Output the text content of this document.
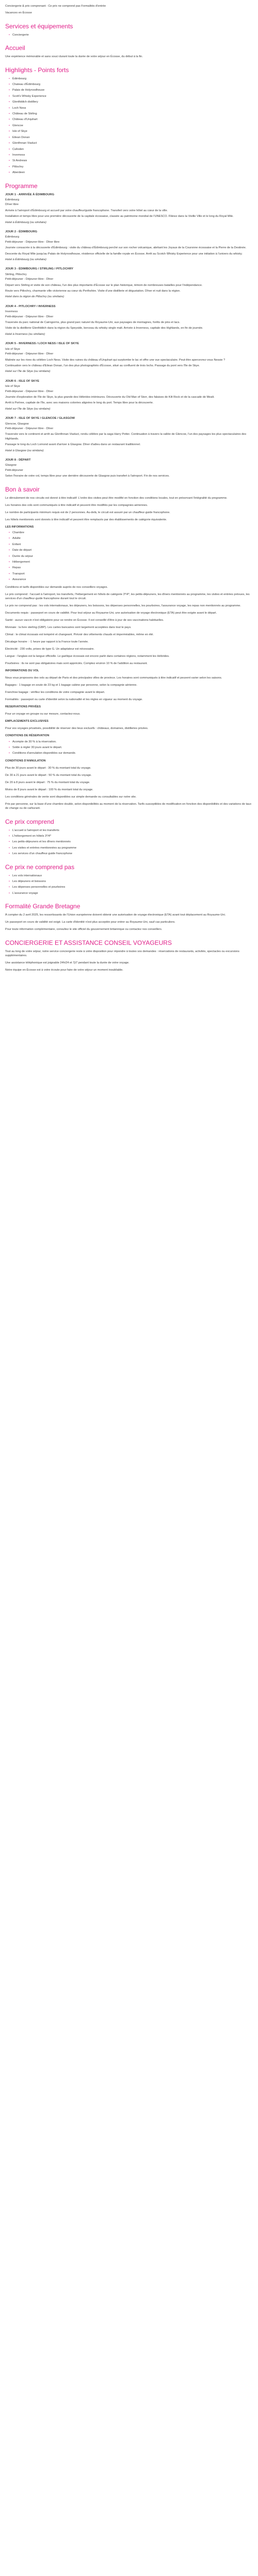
Conciergerie & prix comprenant : Ce prix ne comprend pas Formalités d'entrée

Vacances en Écosse

Services et équipements
• Conciergerie
Accueil

Une expérience mémorable et sans souci durant toute la durée de votre séjour en Écosse, du début à la fin.

Highlights - Points forts
• Édimbourg
• Chateau d'Édimbourg
• Palais de Holyroodhouse
• Scott's Whisky Experience
• Glenfiddich distillery
• Loch Ness
• Château de Stirling
• Château d'Urquhart
• Glencoe
• Isle of Skye
• Eilean Donan
• Glenfinnan Viaduct
• Culloden
• Inverness
• St Andrews
• Pitlochry
• Aberdeen
Programme
JOUR 1 - ARRIVÉE À ÉDIMBOURG
Édimbourg
Dîner libre

Arrivée à l'aéroport d'Édimbourg et accueil par votre chauffeur/guide francophone. Transfert vers votre hôtel au cœur de la ville.

Installation et temps libre pour une première découverte de la capitale écossaise, classée au patrimoine mondial de l'UNESCO. Flânez dans la Vieille Ville et le long du Royal Mile.

Hotel à Édimbourg (ou similaire)
JOUR 2 - ÉDIMBOURG
Édimbourg
Petit-déjeuner - Déjeuner libre - Dîner libre

Journée consacrée à la découverte d'Édimbourg : visite du château d'Édimbourg perché sur son rocher volcanique, abritant les Joyaux de la Couronne écossaise et la Pierre de la Destinée.

Descente du Royal Mile jusqu'au Palais de Holyroodhouse, résidence officielle de la famille royale en Écosse. Arrêt au Scotch Whisky Experience pour une initiation à l'univers du whisky.

Hotel à Édimbourg (ou similaire)
JOUR 3 - ÉDIMBOURG / STIRLING / PITLOCHRY
Stirling, Pitlochry
Petit-déjeuner - Déjeuner libre - Dîner

Départ vers Stirling et visite de son château, l'un des plus importants d'Écosse sur le plan historique, témoin de nombreuses batailles pour l'indépendance.

Route vers Pitlochry, charmante ville victorienne au cœur du Perthshire. Visite d'une distillerie et dégustation. Dîner et nuit dans la région.

Hotel dans la région de Pitlochry (ou similaire)
JOUR 4 - PITLOCHRY / INVERNESS
Inverness
Petit-déjeuner - Déjeuner libre - Dîner

Traversée du parc national de Cairngorms, plus grand parc naturel du Royaume-Uni, aux paysages de montagnes, forêts de pins et lacs.

Visite de la distillerie Glenfiddich dans la région du Speyside, berceau du whisky single malt. Arrivée à Inverness, capitale des Highlands, en fin de journée.

Hotel à Inverness (ou similaire)
JOUR 5 - INVERNESS / LOCH NESS / ISLE OF SKYE
Isle of Skye
Petit-déjeuner - Déjeuner libre - Dîner

Matinée sur les rives du célèbre Loch Ness. Visite des ruines du château d'Urquhart qui surplombe le lac et offre une vue spectaculaire. Peut-être apercevrez-vous Nessie ?

Continuation vers le château d'Eilean Donan, l'un des plus photographiés d'Écosse, situé au confluent de trois lochs. Passage du pont vers l'île de Skye.

Hotel sur l'île de Skye (ou similaire)
JOUR 6 - ISLE OF SKYE
Isle of Skye
Petit-déjeuner - Déjeuner libre - Dîner

Journée d'exploration de l'île de Skye, la plus grande des Hébrides intérieures. Découverte du Old Man of Storr, des falaises de Kilt Rock et de la cascade de Mealt.

Arrêt à Portree, capitale de l'île, avec ses maisons colorées alignées le long du port. Temps libre pour la découverte.

Hotel sur l'île de Skye (ou similaire)
JOUR 7 - ISLE OF SKYE / GLENCOE / GLASGOW
Glencoe, Glasgow
Petit-déjeuner - Déjeuner libre - Dîner

Traversée vers le continent et arrêt au Glenfinnan Viaduct, rendu célèbre par la saga Harry Potter. Continuation à travers la vallée de Glencoe, l'un des paysages les plus spectaculaires des Highlands.

Passage le long du Loch Lomond avant d'arriver à Glasgow. Dîner d'adieu dans un restaurant traditionnel.

Hotel à Glasgow (ou similaire)
JOUR 8 - DÉPART
Glasgow
Petit-déjeuner

Selon l'horaire de votre vol, temps libre pour une dernière découverte de Glasgow puis transfert à l'aéroport. Fin de nos services.

Bon à savoir

Le déroulement de nos circuits est donné à titre indicatif. L'ordre des visites peut être modifié en fonction des conditions locales, tout en préservant l'intégralité du programme.

Les horaires des vols sont communiqués à titre indicatif et peuvent être modifiés par les compagnies aériennes.

Le nombre de participants minimum requis est de 2 personnes. Au-delà, le circuit est assuré par un chauffeur-guide francophone.

Les hôtels mentionnés sont donnés à titre indicatif et peuvent être remplacés par des établissements de catégorie équivalente.

LES INFORMATIONS
• Chambre
• Adulte
• Enfant
• Date de départ
• Durée du séjour
• Hébergement
• Repas
• Transport
• Assurance

Conditions et tarifs disponibles sur demande auprès de nos conseillers voyages.

Le prix comprend : l'accueil à l'aéroport, les transferts, l'hébergement en hôtels de catégorie 3*/4*, les petits-déjeuners, les dîners mentionnés au programme, les visites et entrées prévues, les services d'un chauffeur-guide francophone durant tout le circuit.

Le prix ne comprend pas : les vols internationaux, les déjeuners, les boissons, les dépenses personnelles, les pourboires, l'assurance voyage, les repas non mentionnés au programme.

Documents requis : passeport en cours de validité. Pour tout séjour au Royaume-Uni, une autorisation de voyage électronique (ETA) peut être exigée avant le départ.

Santé : aucun vaccin n'est obligatoire pour se rendre en Écosse. Il est conseillé d'être à jour de ses vaccinations habituelles.

Monnaie : la livre sterling (GBP). Les cartes bancaires sont largement acceptées dans tout le pays.

Climat : le climat écossais est tempéré et changeant. Prévoir des vêtements chauds et imperméables, même en été.

Décalage horaire : -1 heure par rapport à la France toute l'année.

Électricité : 230 volts, prises de type G. Un adaptateur est nécessaire.

Langue : l'anglais est la langue officielle. Le gaélique écossais est encore parlé dans certaines régions, notamment les Hébrides.

Pourboires : ils ne sont pas obligatoires mais sont appréciés. Comptez environ 10 % de l'addition au restaurant.

INFORMATIONS DU VOL

Nous vous proposons des vols au départ de Paris et des principales villes de province. Les horaires sont communiqués à titre indicatif et peuvent varier selon les saisons.

Bagages : 1 bagage en soute de 23 kg et 1 bagage cabine par personne, selon la compagnie aérienne.

Franchise bagage : vérifiez les conditions de votre compagnie avant le départ.

Formalités : passeport ou carte d'identité selon la nationalité et les règles en vigueur au moment du voyage.

RESERVATIONS PRIVÉES

Pour un voyage en groupe ou sur mesure, contactez-nous.

EMPLACEMENTS EXCLUSIVES

Pour vos voyages privatisés, possibilité de réserver des lieux exclusifs : châteaux, domaines, distilleries privées.

CONDITIONS DE RÉSERVATION
• Acompte de 30 % à la réservation.
• Solde à régler 30 jours avant le départ.
• Conditions d'annulation disponibles sur demande.
CONDITIONS D'ANNULATION

Plus de 30 jours avant le départ : 30 % du montant total du voyage.

De 30 à 21 jours avant le départ : 50 % du montant total du voyage.

De 20 à 8 jours avant le départ : 75 % du montant total du voyage.

Moins de 8 jours avant le départ : 100 % du montant total du voyage.

Les conditions générales de vente sont disponibles sur simple demande ou consultables sur notre site.

Prix par personne, sur la base d'une chambre double, selon disponibilités au moment de la réservation. Tarifs susceptibles de modification en fonction des disponibilités et des variations de taux de change ou de carburant.

Ce prix comprend
• L'accueil à l'aéroport et les transferts
• L'hébergement en hôtels 3*/4*
• Les petits-déjeuners et les dîners mentionnés
• Les visites et entrées mentionnées au programme
• Les services d'un chauffeur-guide francophone
Ce prix ne comprend pas
• Les vols internationaux
• Les déjeuners et boissons
• Les dépenses personnelles et pourboires
• L'assurance voyage
Formalité Grande Bretagne

À compter du 2 avril 2025, les ressortissants de l'Union européenne doivent obtenir une autorisation de voyage électronique (ETA) avant tout déplacement au Royaume-Uni.

Un passeport en cours de validité est exigé. La carte d'identité n'est plus acceptée pour entrer au Royaume-Uni, sauf cas particuliers.

Pour toute information complémentaire, consultez le site officiel du gouvernement britannique ou contactez nos conseillers.

CONCIERGERIE ET ASSISTANCE CONSEIL VOYAGEURS

Tout au long de votre séjour, notre service conciergerie reste à votre disposition pour répondre à toutes vos demandes : réservations de restaurants, activités, spectacles ou excursions supplémentaires.

Une assistance téléphonique est joignable 24h/24 et 7j/7 pendant toute la durée de votre voyage.

Notre équipe en Écosse est à votre écoute pour faire de votre séjour un moment inoubliable.
